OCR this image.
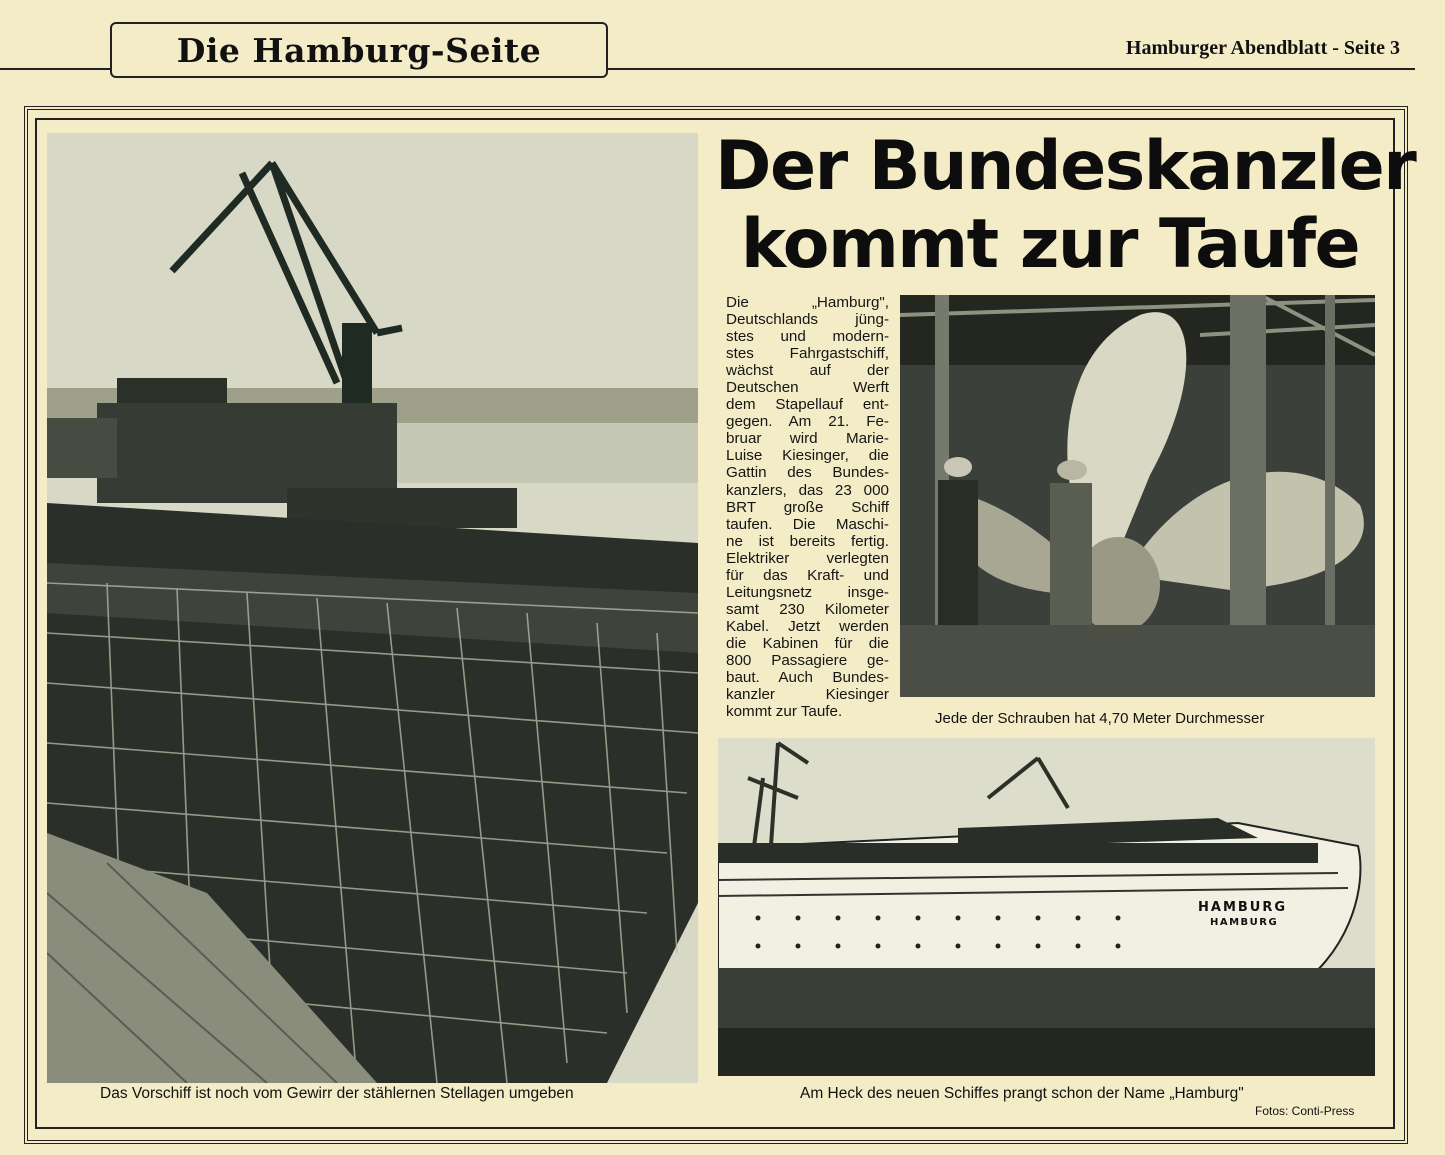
Die Hamburg-Seite	Hamburger Abendblatt - Seite 3
Das Vorschiff ist noch vom Gewirr der stählernen Stellagen umgeben
Der Bundeskanzler
kommt zur Taufe
Die „Hamburg",
Deutschlands jüng-
stes und modern-
stes Fahrgastschiff,
wächst auf der
Deutschen Werft
dem Stapellauf ent-
gegen. Am 21. Fe-
bruar wird Marie-
Luise Kiesinger, die
Gattin des Bundes-
kanzlers, das 23 000
BRT große Schiff
taufen. Die Maschi-
ne ist bereits fertig.
Elektriker verlegten
für das Kraft- und
Leitungsnetz insge-
samt 230 Kilometer
Kabel. Jetzt werden
die Kabinen für die
800 Passagiere ge-
baut. Auch Bundes-
kanzler Kiesinger
kommt zur Taufe.	Jede der Schrauben hat 4,70 Meter Durchmesser
HAMBURG
HAMBURG
Am Heck des neuen Schiffes prangt schon der Name „Hamburg"
Fotos: Conti-Press
